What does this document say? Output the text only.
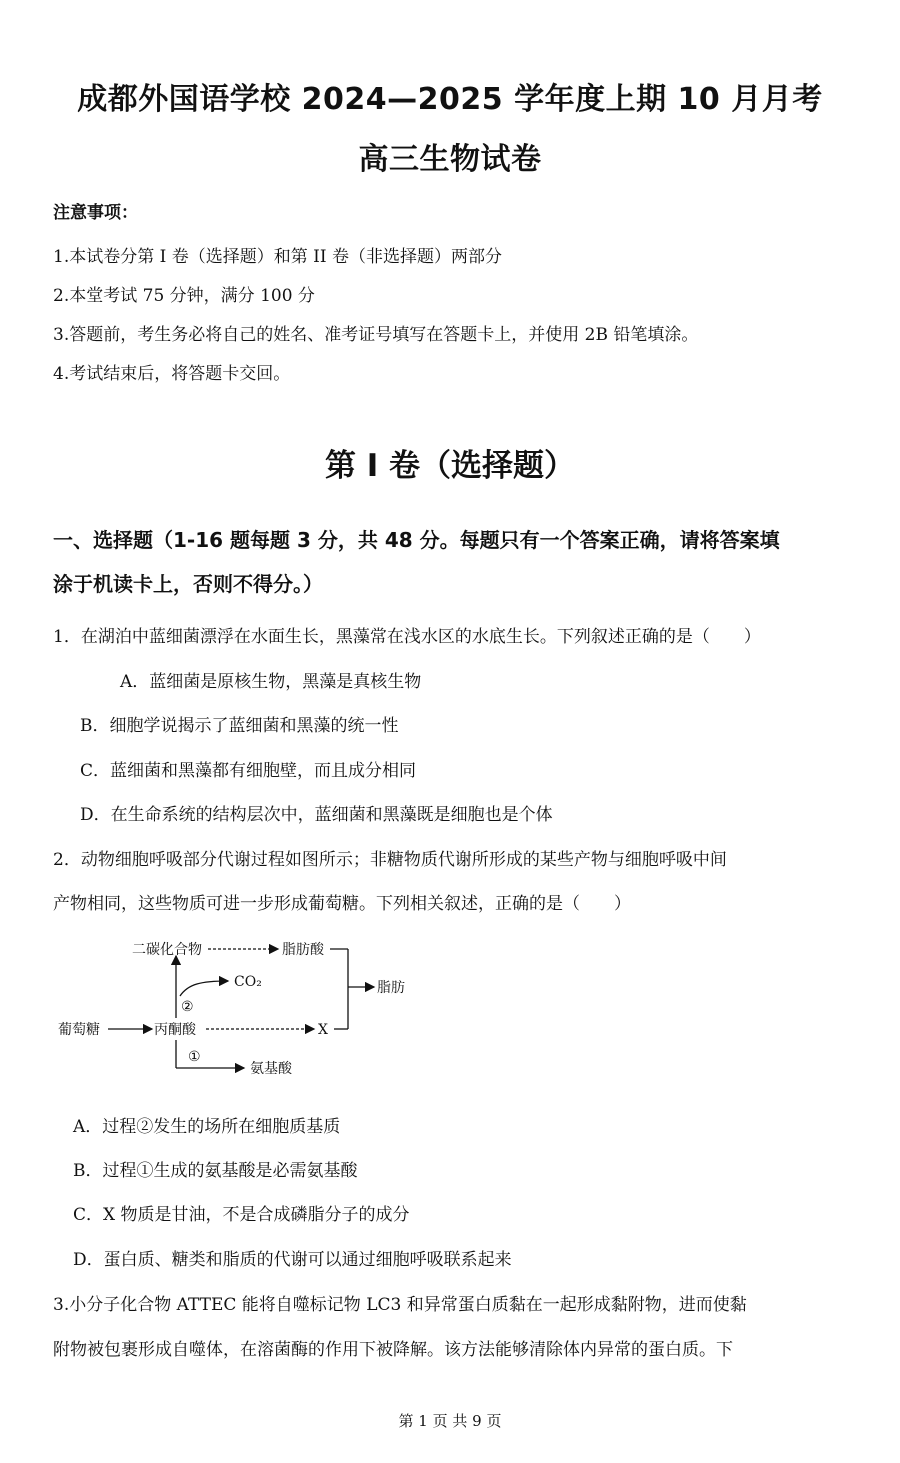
成都外国语学校 2024—2025 学年度上期 10 月月考
高三生物试卷
注意事项：
1.本试卷分第 I 卷（选择题）和第 II 卷（非选择题）两部分
2.本堂考试 75 分钟，满分 100 分
3.答题前，考生务必将自己的姓名、准考证号填写在答题卡上，并使用 2B 铅笔填涂。
4.考试结束后，将答题卡交回。
第 I 卷（选择题）
一、选择题（1-16 题每题 3 分，共 48 分。每题只有一个答案正确，请将答案填
涂于机读卡上，否则不得分。）
1．在湖泊中蓝细菌漂浮在水面生长，黑藻常在浅水区的水底生长。下列叙述正确的是（　　）
A．蓝细菌是原核生物，黑藻是真核生物
B．细胞学说揭示了蓝细菌和黑藻的统一性
C．蓝细菌和黑藻都有细胞壁，而且成分相同
D．在生命系统的结构层次中，蓝细菌和黑藻既是细胞也是个体
2．动物细胞呼吸部分代谢过程如图所示；非糖物质代谢所形成的某些产物与细胞呼吸中间
产物相同，这些物质可进一步形成葡萄糖。下列相关叙述，正确的是（　　）
二碳化合物	脂肪酸
脂肪
葡萄糖	丙酮酸
CO₂
②
X
①
氨基酸
A．过程②发生的场所在细胞质基质
B．过程①生成的氨基酸是必需氨基酸
C．X 物质是甘油，不是合成磷脂分子的成分
D．蛋白质、糖类和脂质的代谢可以通过细胞呼吸联系起来
3.小分子化合物 ATTEC 能将自噬标记物 LC3 和异常蛋白质黏在一起形成黏附物，进而使黏
附物被包裹形成自噬体，在溶菌酶的作用下被降解。该方法能够清除体内异常的蛋白质。下
第 1 页 共 9 页
